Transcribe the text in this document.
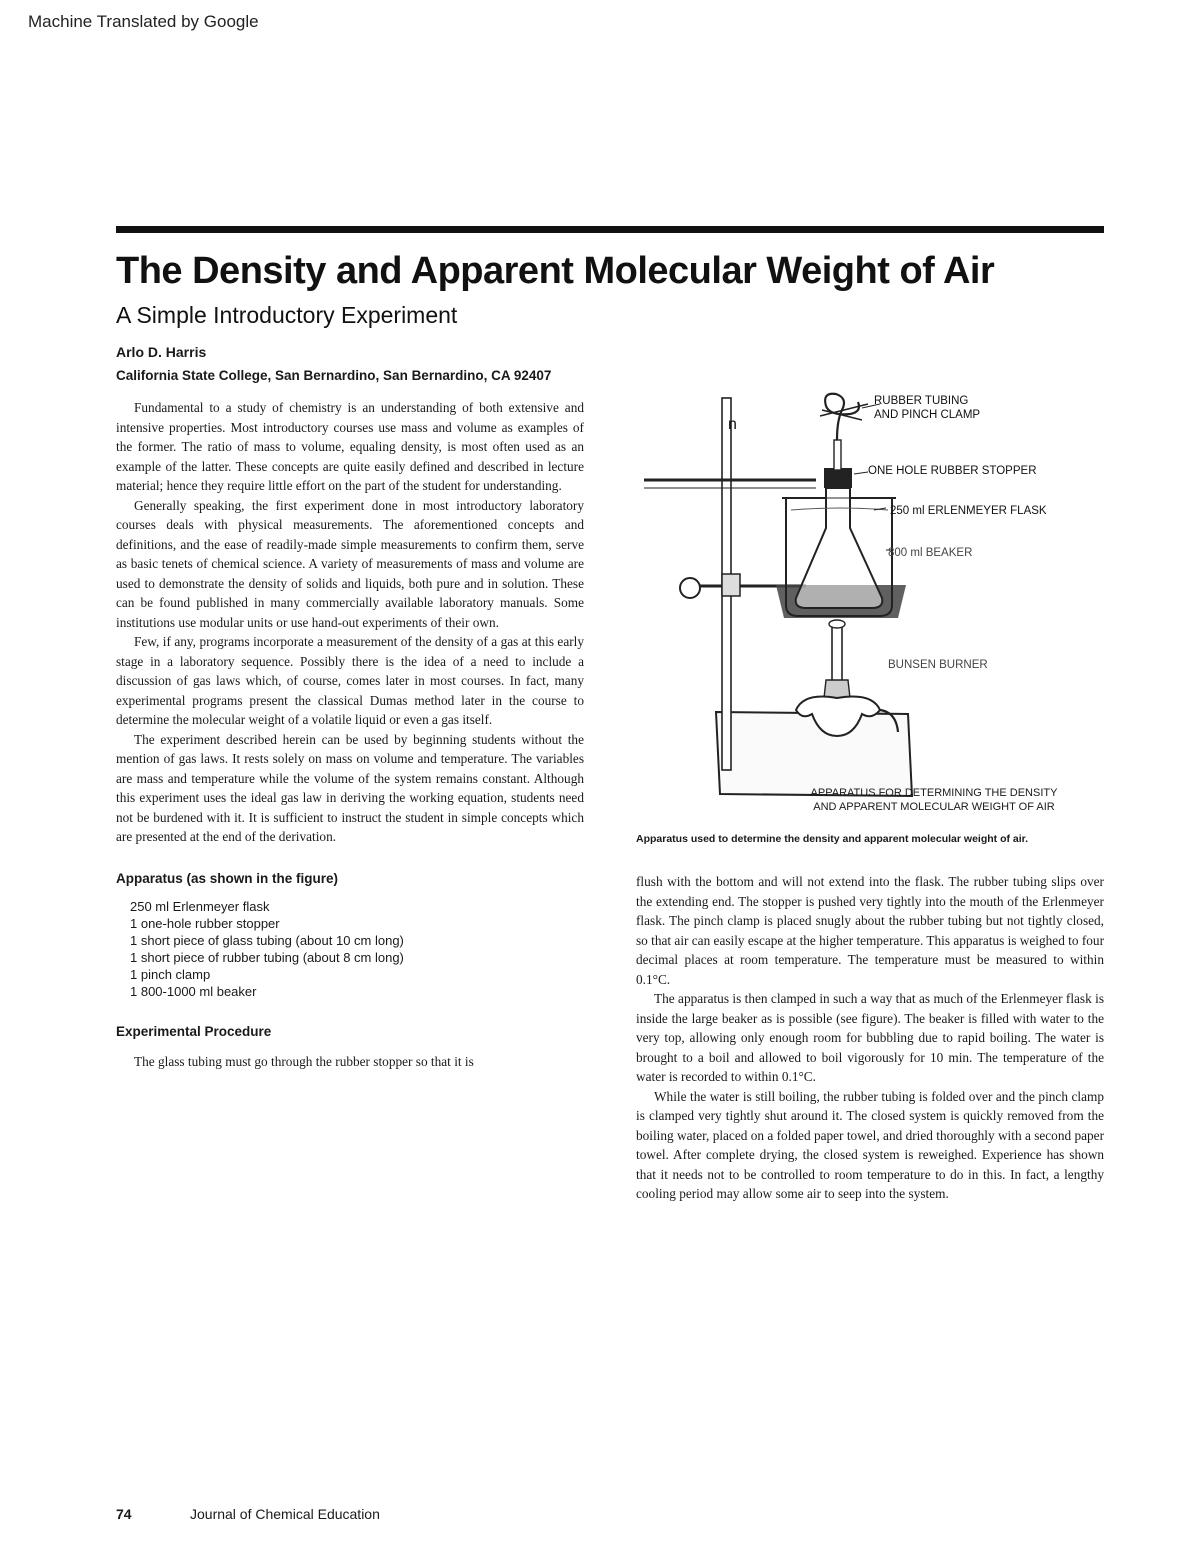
Machine Translated by Google
The Density and Apparent Molecular Weight of Air
A Simple Introductory Experiment
Arlo D. Harris
California State College, San Bernardino, San Bernardino, CA 92407

Fundamental to a study of chemistry is an understanding of both extensive and intensive properties. Most introductory courses use mass and volume as examples of the former. The ratio of mass to volume, equaling density, is most often used as an example of the latter. These concepts are quite easily defined and described in lecture material; hence they require little effort on the part of the student for understanding.

Generally speaking, the first experiment done in most introductory laboratory courses deals with physical measurements. The aforementioned concepts and definitions, and the ease of readily-made simple measurements to confirm them, serve as basic tenets of chemical science. A variety of measurements of mass and volume are used to demonstrate the density of solids and liquids, both pure and in solution. These can be found published in many commercially available laboratory manuals. Some institutions use modular units or use hand-out experiments of their own.

Few, if any, programs incorporate a measurement of the density of a gas at this early stage in a laboratory sequence. Possibly there is the idea of a need to include a discussion of gas laws which, of course, comes later in most courses. In fact, many experimental programs present the classical Dumas method later in the course to determine the molecular weight of a volatile liquid or even a gas itself.

The experiment described herein can be used by beginning students without the mention of gas laws. It rests solely on mass on volume and temperature. The variables are mass and temperature while the volume of the system remains constant. Although this experiment uses the ideal gas law in deriving the working equation, students need not be burdened with it. It is sufficient to instruct the student in simple concepts which are presented at the end of the derivation.

Apparatus (as shown in the figure)
250 ml Erlenmeyer flask
1 one-hole rubber stopper
1 short piece of glass tubing (about 10 cm long)
1 short piece of rubber tubing (about 8 cm long)
1 pinch clamp
1 800-1000 ml beaker
Experimental Procedure

The glass tubing must go through the rubber stopper so that it is

RUBBER TUBING
AND PINCH CLAMP
ONE HOLE RUBBER STOPPER
250 ml ERLENMEYER FLASK
800 ml BEAKER
BUNSEN BURNER
n
APPARATUS FOR DETERMINING THE DENSITY
AND APPARENT MOLECULAR WEIGHT OF AIR
Apparatus used to determine the density and apparent molecular weight of air.

flush with the bottom and will not extend into the flask. The rubber tubing slips over the extending end. The stopper is pushed very tightly into the mouth of the Erlenmeyer flask. The pinch clamp is placed snugly about the rubber tubing but not tightly closed, so that air can easily escape at the higher temperature. This apparatus is weighed to four decimal places at room temperature. The temperature must be measured to within 0.1°C.

The apparatus is then clamped in such a way that as much of the Erlenmeyer flask is inside the large beaker as is possible (see figure). The beaker is filled with water to the very top, allowing only enough room for bubbling due to rapid boiling. The water is brought to a boil and allowed to boil vigorously for 10 min. The temperature of the water is recorded to within 0.1°C.

While the water is still boiling, the rubber tubing is folded over and the pinch clamp is clamped very tightly shut around it. The closed system is quickly removed from the boiling water, placed on a folded paper towel, and dried thoroughly with a second paper towel. After complete drying, the closed system is reweighed. Experience has shown that it needs not to be controlled to room temperature to do in this. In fact, a lengthy cooling period may allow some air to seep into the system.

74	Journal of Chemical Education
